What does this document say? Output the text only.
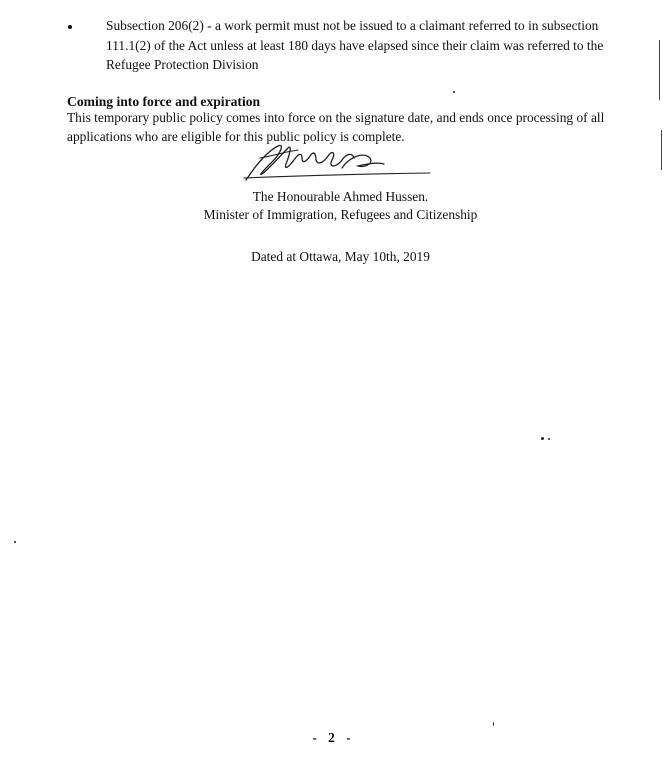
Subsection 206(2) - a work permit must not be issued to a claimant referred to in subsection 111.1(2) of the Act unless at least 180 days have elapsed since their claim was referred to the Refugee Protection Division
Coming into force and expiration
This temporary public policy comes into force on the signature date, and ends once processing of all applications who are eligible for this public policy is complete.
The Honourable Ahmed Hussen.
Minister of Immigration, Refugees and Citizenship
Dated at Ottawa, May 10th, 2019
- 2 -
